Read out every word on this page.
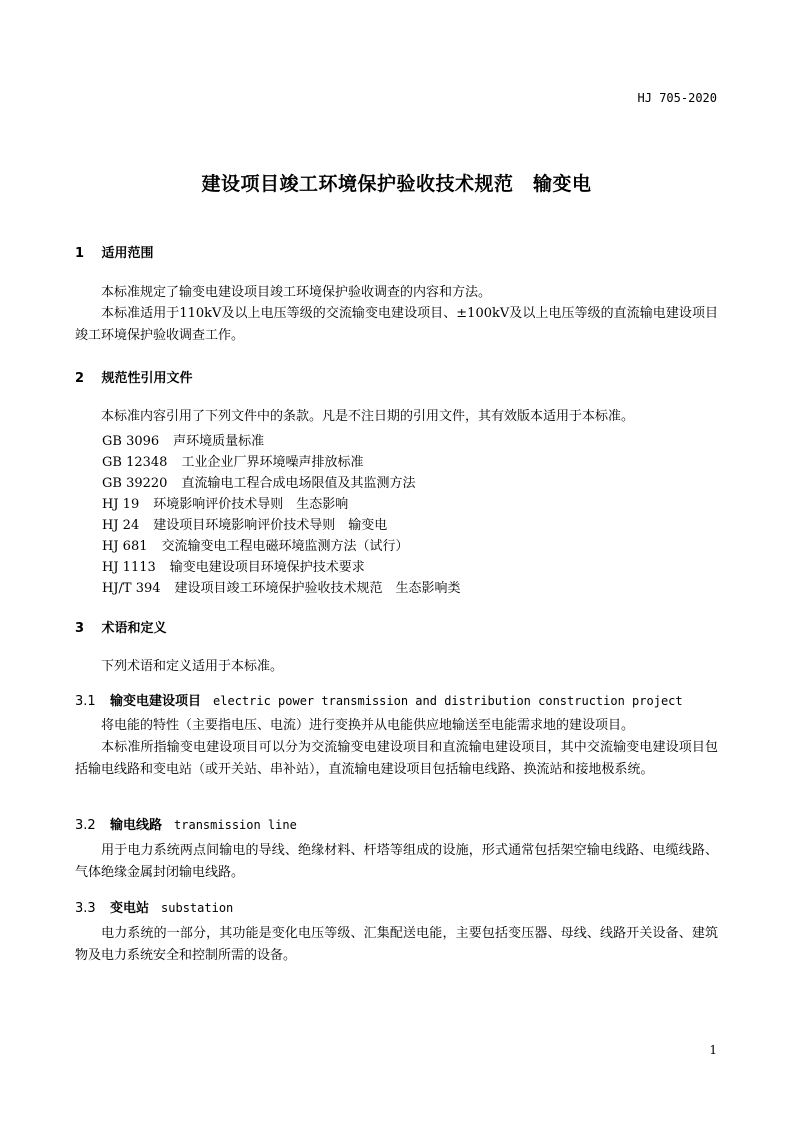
HJ 705-2020
建设项目竣工环境保护验收技术规范　输变电
1 适用范围
本标准规定了输变电建设项目竣工环境保护验收调查的内容和方法。
本标准适用于110kV及以上电压等级的交流输变电建设项目、±100kV及以上电压等级的直流输电建设项目竣工环境保护验收调查工作。
2 规范性引用文件
本标准内容引用了下列文件中的条款。凡是不注日期的引用文件，其有效版本适用于本标准。
GB 3096 声环境质量标准
GB 12348 工业企业厂界环境噪声排放标准
GB 39220 直流输电工程合成电场限值及其监测方法
HJ 19 环境影响评价技术导则　生态影响
HJ 24 建设项目环境影响评价技术导则　输变电
HJ 681 交流输变电工程电磁环境监测方法（试行）
HJ 1113 输变电建设项目环境保护技术要求
HJ/T 394 建设项目竣工环境保护验收技术规范　生态影响类
3 术语和定义
下列术语和定义适用于本标准。
3.1 输变电建设项目 electric power transmission and distribution construction project
将电能的特性（主要指电压、电流）进行变换并从电能供应地输送至电能需求地的建设项目。
本标准所指输变电建设项目可以分为交流输变电建设项目和直流输电建设项目，其中交流输变电建设项目包括输电线路和变电站（或开关站、串补站），直流输电建设项目包括输电线路、换流站和接地极系统。
3.2 输电线路 transmission line
用于电力系统两点间输电的导线、绝缘材料、杆塔等组成的设施，形式通常包括架空输电线路、电缆线路、气体绝缘金属封闭输电线路。
3.3 变电站 substation
电力系统的一部分，其功能是变化电压等级、汇集配送电能，主要包括变压器、母线、线路开关设备、建筑物及电力系统安全和控制所需的设备。
1
